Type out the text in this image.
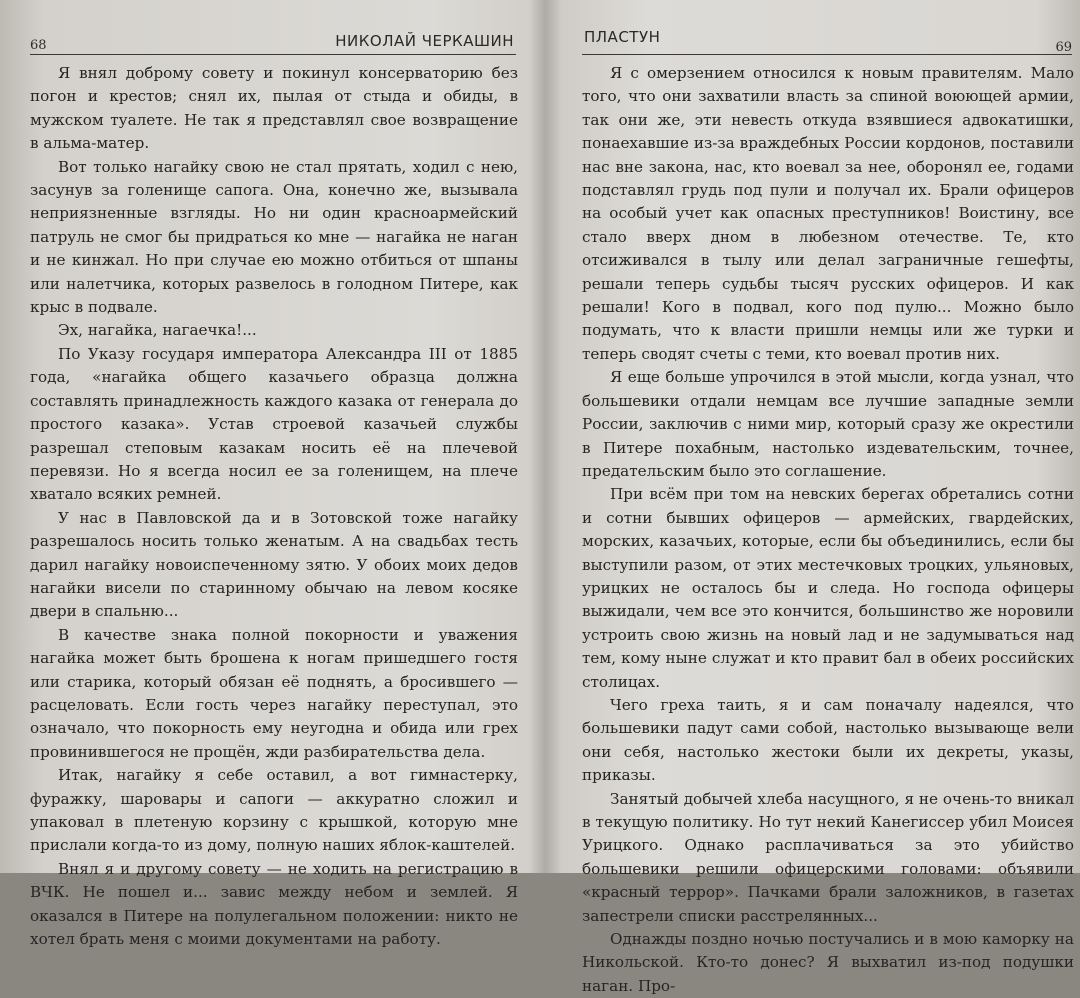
68	НИКОЛАЙ ЧЕРКАШИН

Я внял доброму совету и покинул консерваторию без погон и крестов; снял их, пылая от стыда и обиды, в мужском туалете. Не так я представлял свое возвращение в альма-матер.

Вот только нагайку свою не стал прятать, ходил с нею, засунув за голенище сапога. Она, конечно же, вызывала неприязненные взгляды. Но ни один красноармейский патруль не смог бы придраться ко мне — нагайка не наган и не кинжал. Но при случае ею можно отбиться от шпаны или налетчика, которых развелось в голодном Питере, как крыс в подвале.

Эх, нагайка, нагаечка!...

По Указу государя императора Александра III от 1885 года, «нагайка общего казачьего образца должна составлять принадлежность каждого казака от генерала до простого казака». Устав строевой казачьей службы разрешал степовым казакам носить её на плечевой перевязи. Но я всегда носил ее за голенищем, на плече хватало всяких ремней.

У нас в Павловской да и в Зотовской тоже нагайку разрешалось носить только женатым. А на свадьбах тесть дарил нагайку новоиспеченному зятю. У обоих моих дедов нагайки висели по старинному обычаю на левом косяке двери в спальню...

В качестве знака полной покорности и уважения нагайка может быть брошена к ногам пришедшего гостя или старика, который обязан её поднять, а бросившего — расцеловать. Если гость через нагайку переступал, это означало, что покорность ему неугодна и обида или грех провинившегося не прощён, жди разбирательства дела.

Итак, нагайку я себе оставил, а вот гимнастерку, фуражку, шаровары и сапоги — аккуратно сложил и упаковал в плетеную корзину с крышкой, которую мне прислали когда-то из дому, полную наших яблок-каштелей.

Внял я и другому совету — не ходить на регистрацию в ВЧК. Не пошел и... завис между небом и землей. Я оказался в Питере на полулегальном положении: никто не хотел брать меня с моими документами на работу.

ПЛАСТУН
69

Я с омерзением относился к новым правителям. Мало того, что они захватили власть за спиной воюющей армии, так они же, эти невесть откуда взявшиеся адвокатишки, понаехавшие из-за враждебных России кордонов, поставили нас вне закона, нас, кто воевал за нее, оборонял ее, годами подставлял грудь под пули и получал их. Брали офицеров на особый учет как опасных преступников! Воистину, все стало вверх дном в любезном отечестве. Те, кто отсиживался в тылу или делал заграничные гешефты, решали теперь судьбы тысяч русских офицеров. И как решали! Кого в подвал, кого под пулю... Можно было подумать, что к власти пришли немцы или же турки и теперь сводят счеты с теми, кто воевал против них.

Я еще больше упрочился в этой мысли, когда узнал, что большевики отдали немцам все лучшие западные земли России, заключив с ними мир, который сразу же окрестили в Питере похабным, настолько издевательским, точнее, предательским было это соглашение.

При всём при том на невских берегах обретались сотни и сотни бывших офицеров — армейских, гвардейских, морских, казачьих, которые, если бы объединились, если бы выступили разом, от этих местечковых троцких, ульяновых, урицких не осталось бы и следа. Но господа офицеры выжидали, чем все это кончится, большинство же норовили устроить свою жизнь на новый лад и не задумываться над тем, кому ныне служат и кто правит бал в обеих российских столицах.

Чего греха таить, я и сам поначалу надеялся, что большевики падут сами собой, настолько вызывающе вели они себя, настолько жестоки были их декреты, указы, приказы.

Занятый добычей хлеба насущного, я не очень-то вникал в текущую политику. Но тут некий Канегиссер убил Моисея Урицкого. Однако расплачиваться за это убийство большевики решили офицерскими головами: объявили «красный террор». Пачками брали заложников, в газетах запестрели списки расстрелянных...

Однажды поздно ночью постучались и в мою каморку на Никольской. Кто-то донес? Я выхватил из-под подушки наган. Про-
